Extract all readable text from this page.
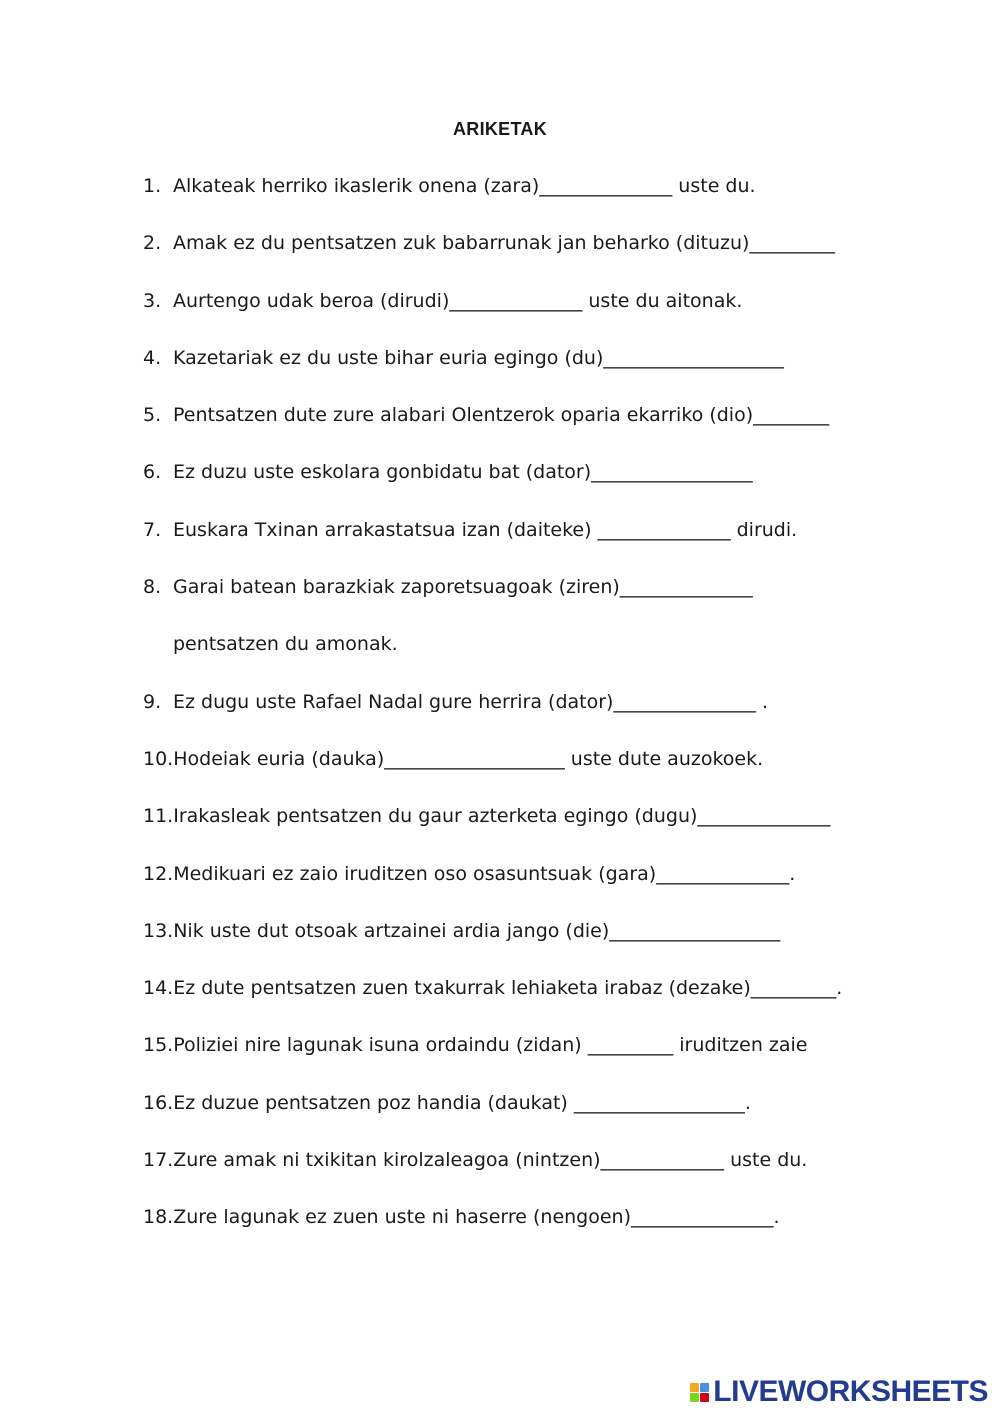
ARIKETAK
1. Alkateak herriko ikaslerik onena (zara)______________ uste du.
2. Amak ez du pentsatzen zuk babarrunak jan beharko (dituzu)_________
3. Aurtengo udak beroa (dirudi)______________ uste du aitonak.
4. Kazetariak ez du uste bihar euria egingo (du)___________________
5. Pentsatzen dute zure alabari Olentzerok oparia ekarriko (dio)________
6. Ez duzu uste eskolara gonbidatu bat (dator)_________________
7. Euskara Txinan arrakastatsua izan (daiteke) ______________ dirudi.
8. Garai batean barazkiak zaporetsuagoak (ziren)______________
pentsatzen du amonak.
9. Ez dugu uste Rafael Nadal gure herrira (dator)_______________ .
10. Hodeiak euria (dauka)___________________ uste dute auzokoek.
11. Irakasleak pentsatzen du gaur azterketa egingo (dugu)______________
12. Medikuari ez zaio iruditzen oso osasuntsuak (gara)______________.
13. Nik uste dut otsoak artzainei ardia jango (die)__________________
14. Ez dute pentsatzen zuen txakurrak lehiaketa irabaz (dezake)_________.
15. Poliziei nire lagunak isuna ordaindu (zidan) _________ iruditzen zaie
16. Ez duzue pentsatzen poz handia (daukat) __________________.
17. Zure amak ni txikitan kirolzaleagoa (nintzen)_____________ uste du.
18. Zure lagunak ez zuen uste ni haserre (nengoen)_______________.
LIVEWORKSHEETS
